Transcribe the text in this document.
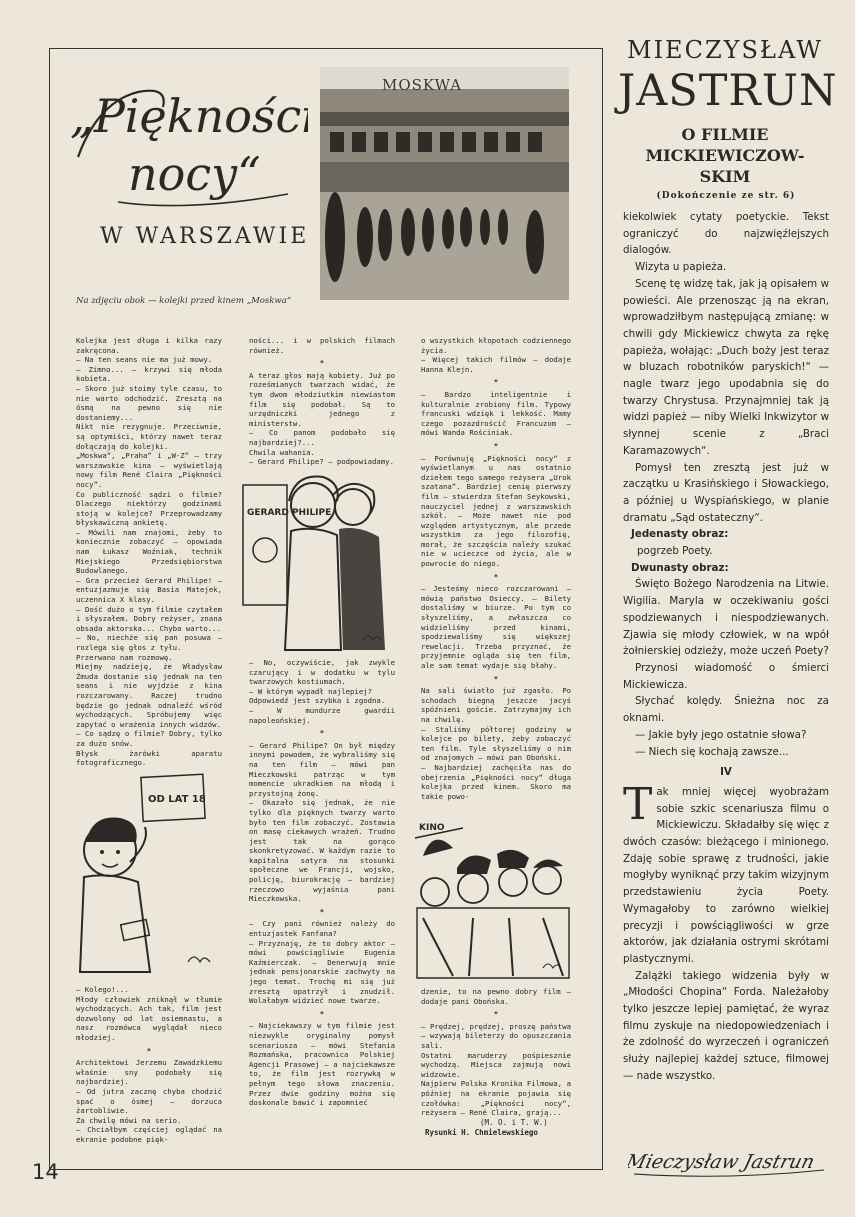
„Piękności
nocy“
W WARSZAWIE
MOSKWA
Na zdjęciu obok — kolejki przed kinem „Moskwa“

Kolejka jest długa i kilka razy zakręcona.

— Na ten seans nie ma już mowy.

— Zimno... — krzywi się młoda kobieta.

— Skoro już stoimy tyle czasu, to nie warto odchodzić. Zresztą na ósmą na pewno się nie dostaniemy...

Nikt nie rezygnuje. Przeciwnie, są optymiści, którzy nawet teraz dołączają do kolejki.

„Moskwa“, „Praha“ i „W-Z“ — trzy warszawskie kina — wyświetlają nowy film René Claira „Piękności nocy“.

Co publiczność sądzi o filmie? Dlaczego niektórzy godzinami stoją w kolejce? Przeprowadzamy błyskawiczną ankietę.

— Mówili nam znajomi, żeby to koniecznie zobaczyć — opowiada nam Łukasz Woźniak, technik Miejskiego Przedsiębiorstwa Budowlanego.

— Gra przecież Gerard Philipe! — entuzjazmuje się Basia Matejek, uczennica X klasy.

— Dość dużo o tym filmie czytałem i słyszałem. Dobry reżyser, znana obsada aktorska... Chyba warto...

— No, niechże się pan posuwa — rozlega się głos z tyłu.

Przerwano nam rozmowę.

Miejmy nadzieję, że Władysław Żmuda dostanie się jednak na ten seans i nie wyjdzie z kina rozczarowany. Raczej trudno będzie go jednak odnaleźć wśród wychodzących. Spróbujemy więc zapytać o wrażenia innych widzów.

— Co sądzę o filmie? Dobry, tylko za dużo snów.

Błysk żarówki aparatu fotograficznego.

OD LAT 18

— Kolego!...

Młody człowiek zniknął w tłumie wychodzących. Ach tak, film jest dozwolony od lat osiemnastu, a nasz rozmówca wyglądał nieco młodziej.

*

Architektowi Jerzemu Zawadzkiemu właśnie sny podobały się najbardziej.

— Od jutra zacznę chyba chodzić spać o ósmej — dorzuca żartobliwie.

Za chwilę mówi na serio.

— Chciałbym częściej oglądać na ekranie podobne pięk-

ności... i w polskich filmach również.

*

A teraz głos mają kobiety. Już po roześmianych twarzach widać, że tym dwom młodziutkim niewiastom film się podobał. Są to urzędniczki jednego z ministerstw.

— Co panom podobało się najbardziej?...

Chwila wahania.

— Gerard Philipe? — podpowiadamy.

GERARD PHILIPE

— No, oczywiście, jak zwykle czarujący i w dodatku w tylu twarzowych kostiumach.

— W którym wypadł najlepiej?

Odpowiedź jest szybka i zgodna.

— W mundurze gwardii napoleońskiej.

*

— Gerard Philipe? On był między innymi powodem, że wybraliśmy się na ten film — mówi pan Mieczkowski patrząc w tym momencie ukradkiem na młodą i przystojną żonę.

— Okazało się jednak, że nie tylko dla pięknych twarzy warto było ten film zobaczyć. Zostawia on masę ciekawych wrażeń. Trudno jest tak na gorąco skonkretyzować. W każdym razie to kapitalna satyra na stosunki społeczne we Francji, wojsko, policję, biurokrację — bardziej rzeczowo wyjaśnia pani Mieczkowska.

*

— Czy pani również należy do entuzjastek Fanfana?

— Przyznaję, że to dobry aktor — mówi powściągliwie Eugenia Kaźmierczak. — Denerwują mnie jednak pensjonarskie zachwyty na jego temat. Trochę mi się już zresztą opatrzył i znudził. Wolałabym widzieć nowe twarze.

*

— Najciekawszy w tym filmie jest niezwykle oryginalny pomysł scenariusza — mówi Stefania Rozmańska, pracownica Polskiej Agencji Prasowej — a najciekawsze to, że film jest rozrywką w pełnym tego słowa znaczeniu. Przez dwie godziny można się doskonale bawić i zapomnieć

o wszystkich kłopotach codziennego życia.

— Więcej takich filmów — dodaje Hanna Klejn.

*

— Bardzo inteligentnie i kulturalnie zrobiony film. Typowy francuski wdzięk i lekkość. Mamy czego pozazdrościć Francuzom — mówi Wanda Rościniak.

*

— Porównuję „Piękności nocy“ z wyświetlanym u nas ostatnio dziełem tego samego reżysera „Urok szatana“. Bardziej cenię pierwszy film — stwierdza Stefan Seykowski, nauczyciel jednej z warszawskich szkół. — Może nawet nie pod względem artystycznym, ale przede wszystkim za jego filozofię, morał, że szczęścia należy szukać nie w ucieczce od życia, ale w powrocie do niego.

*

— Jesteśmy nieco rozczarowani — mówią państwo Osieccy. — Bilety dostaliśmy w biurze. Po tym co słyszeliśmy, a zwłaszcza co widzieliśmy przed kinami, spodziewaliśmy się większej rewelacji. Trzeba przyznać, że przyjemnie ogląda się ten film, ale sam temat wydaje się błahy.

*

Na sali światło już zgasło. Po schodach biegną jeszcze jacyś spóźnieni goście. Zatrzymajmy ich na chwilę.

— Staliśmy półtorej godziny w kolejce po bilety, żeby zobaczyć ten film. Tyle słyszeliśmy o nim od znajomych — mówi pan Oboński.

— Najbardziej zachęciła nas do obejrzenia „Piękności nocy“ długa kolejka przed kinem. Skoro ma takie powo-

KINO

dzenie, to na pewno dobry film — dodaje pani Obońska.

*

— Prędzej, prędzej, proszę państwa — wzywają bileterzy do opuszczania sali.

Ostatni maruderzy pośpiesznie wychodzą. Miejsca zajmują nowi widzowie.

Najpierw Polska Kronika Filmowa, a później na ekranie pojawia się czołówka: „Piękności nocy“, reżysera — René Claira, grają...

(M. O. i T. W.)
Rysunki H. Chmielewskiego
MIECZYSŁAW
JASTRUN
O FILMIE
MICKIEWICZOW-
SKIM
(Dokończenie ze str. 6)

kiekolwiek cytaty poetyckie. Tekst ograniczyć do najzwięźlejszych dialogów.

Wizyta u papieża.

Scenę tę widzę tak, jak ją opisałem w powieści. Ale przenosząc ją na ekran, wprowadziłbym następującą zmianę: w chwili gdy Mickiewicz chwyta za rękę papieża, wołając: „Duch boży jest teraz w bluzach robotników paryskich!“ — nagle twarz jego upodabnia się do twarzy Chrystusa. Przynajmniej tak ją widzi papież — niby Wielki Inkwizytor w słynnej scenie z „Braci Karamazowych“.

Pomysł ten zresztą jest już w zaczątku u Krasińskiego i Słowackiego, a później u Wyspiańskiego, w planie dramatu „Sąd ostateczny“.

Jedenasty obraz:

pogrzeb Poety.

Dwunasty obraz:

Święto Bożego Narodzenia na Litwie. Wigilia. Maryla w oczekiwaniu gości spodziewanych i niespodziewanych. Zjawia się młody człowiek, w na wpół żołnierskiej odzieży, może uczeń Poety?

Przynosi wiadomość o śmierci Mickiewicza.

Słychać kolędy. Śnieżna noc za oknami.

— Jakie były jego ostatnie słowa?

— Niech się kochają zawsze...

IV

Tak mniej więcej wyobrażam sobie szkic scenariusza filmu o Mickiewiczu. Składałby się więc z dwóch czasów: bieżącego i minionego. Zdaję sobie sprawę z trudności, jakie mogłyby wyniknąć przy takim wizyjnym przedstawieniu życia Poety. Wymagałoby to zarówno wielkiej precyzji i powściągliwości w grze aktorów, jak działania ostrymi skrótami plastycznymi.

Zalążki takiego widzenia były w „Młodości Chopina“ Forda. Należałoby tylko jeszcze lepiej pamiętać, że wyraz filmu zyskuje na niedopowiedzeniach i że zdolność do wyrzeczeń i ograniczeń służy najlepiej każdej sztuce, filmowej — nade wszystko.

Mieczysław Jastrun
14
